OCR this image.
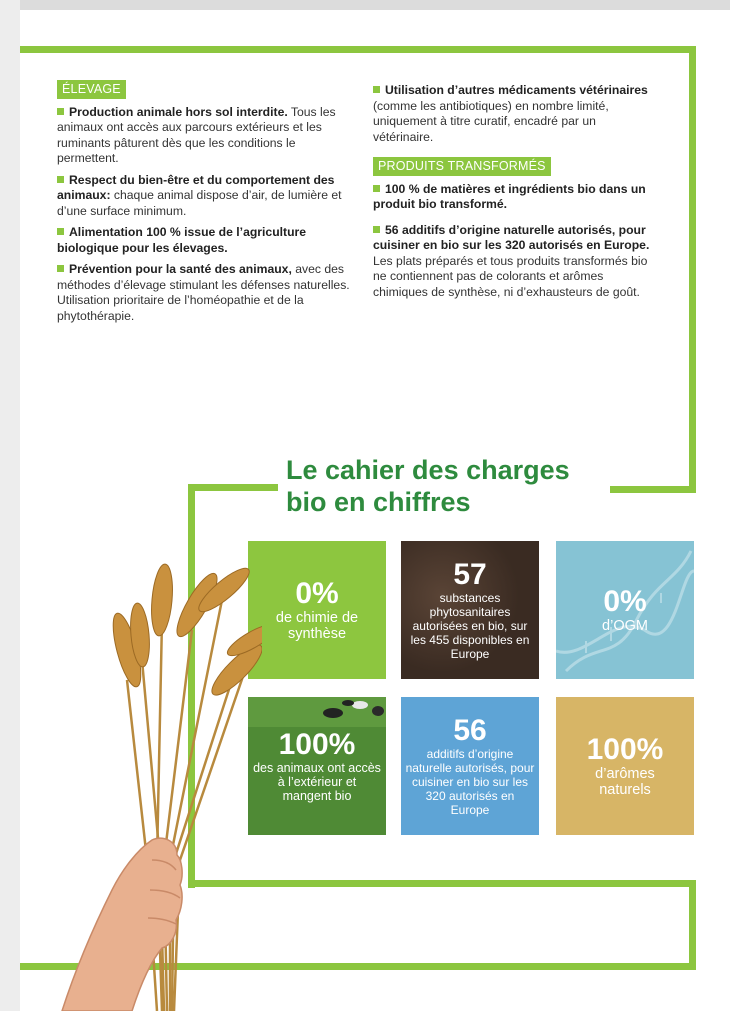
ÉLEVAGE

Production animale hors sol interdite. Tous les animaux ont accès aux parcours extérieurs et les ruminants pâturent dès que les conditions le permettent.

Respect du bien-être et du comportement des animaux: chaque animal dispose d’air, de lumière et d’une surface minimum.

Alimentation 100 % issue de l’agriculture biologique pour les élevages.

Prévention pour la santé des animaux, avec des méthodes d’élevage stimulant les défenses naturelles. Utilisation prioritaire de l’homéopathie et de la phytothérapie.

Utilisation d’autres médicaments vétérinaires (comme les antibiotiques) en nombre limité, uniquement à titre curatif, encadré par un vétérinaire.

PRODUITS TRANSFORMÉS

100 % de matières et ingrédients bio dans un produit bio transformé.

56 additifs d’origine naturelle autorisés, pour cuisiner en bio sur les 320 autorisés en Europe. Les plats préparés et tous produits transformés bio ne contiennent pas de colorants et arômes chimiques de synthèse, ni d’exhausteurs de goût.

Le cahier des charges
bio en chiffres
0%
de chimie de synthèse
57
substances phytosanitaires autorisées en bio, sur les 455 disponibles en Europe
0%
d’OGM
100%
des animaux ont accès à l’extérieur et mangent bio
56
additifs d’origine naturelle autorisés, pour cuisiner en bio sur les 320 autorisés en Europe
100%
d’arômes naturels
